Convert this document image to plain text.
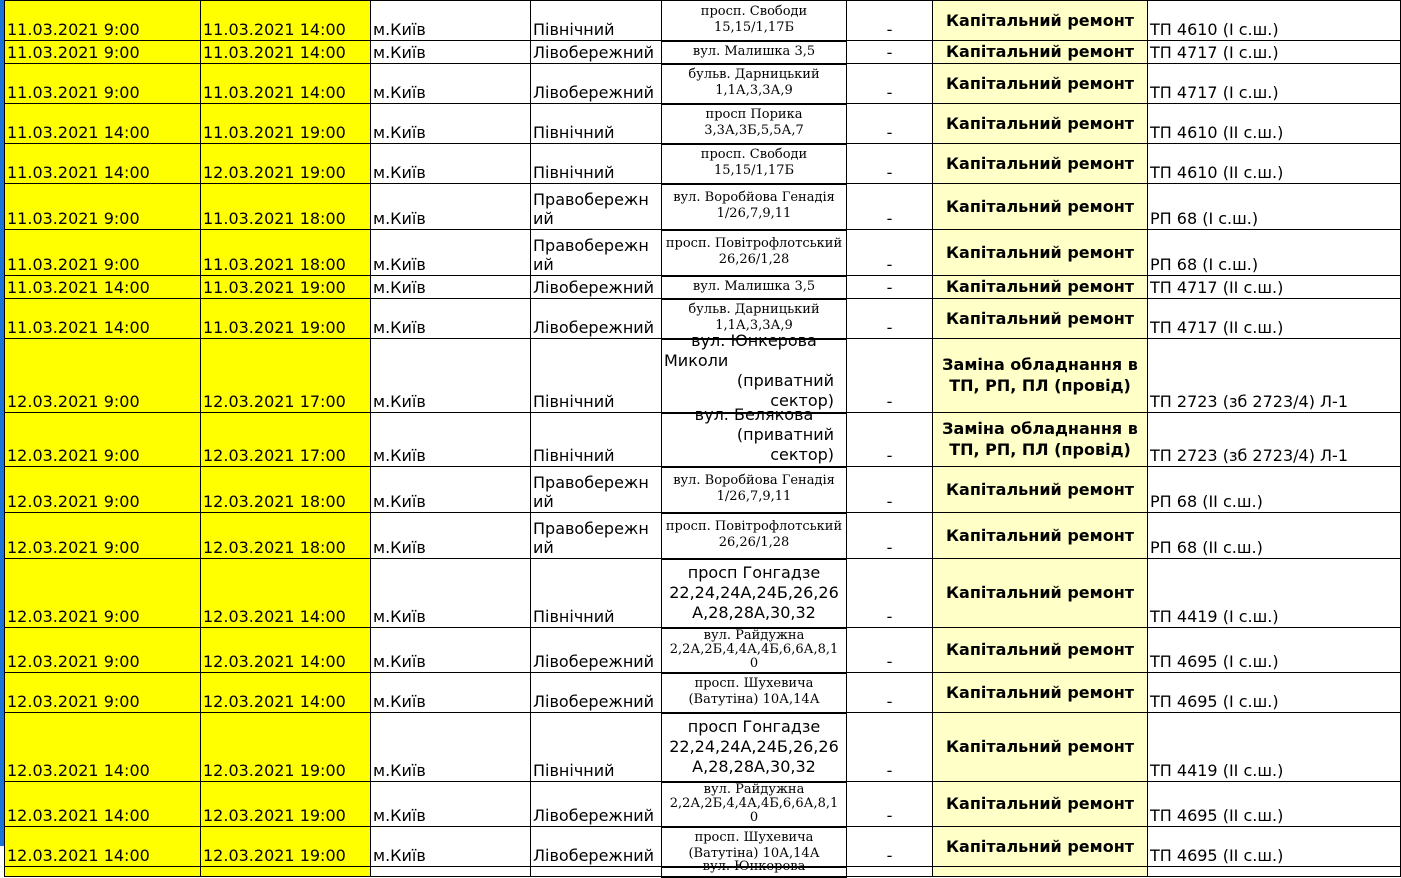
11.03.2021 9:00	11.03.2021 14:00	м.Київ	Північний	просп. Свободи
15,15/1,17Б	-	Капітальний ремонт	ТП 4610 (І с.ш.)
11.03.2021 9:00	11.03.2021 14:00	м.Київ	Лівобережний	вул. Малишка 3,5	-	Капітальний ремонт	ТП 4717 (І с.ш.)
11.03.2021 9:00	11.03.2021 14:00	м.Київ	Лівобережний	бульв. Дарницький
1,1А,3,3А,9	-	Капітальний ремонт	ТП 4717 (І с.ш.)
11.03.2021 14:00	11.03.2021 19:00	м.Київ	Північний	просп Порика
3,3А,3Б,5,5А,7	-	Капітальний ремонт	ТП 4610 (ІІ с.ш.)
11.03.2021 14:00	12.03.2021 19:00	м.Київ	Північний	просп. Свободи
15,15/1,17Б	-	Капітальний ремонт	ТП 4610 (ІІ с.ш.)
11.03.2021 9:00	11.03.2021 18:00	м.Київ	Правобережний	вул. Воробйова Генадія
1/26,7,9,11	-	Капітальний ремонт	РП 68 (І с.ш.)
11.03.2021 9:00	11.03.2021 18:00	м.Київ	Правобережний	просп. Повітрофлотський
26,26/1,28	-	Капітальний ремонт	РП 68 (І с.ш.)
11.03.2021 14:00	11.03.2021 19:00	м.Київ	Лівобережний	вул. Малишка 3,5	-	Капітальний ремонт	ТП 4717 (ІІ с.ш.)
11.03.2021 14:00	11.03.2021 19:00	м.Київ	Лівобережний	бульв. Дарницький
1,1А,3,3А,9	-	Капітальний ремонт	ТП 4717 (ІІ с.ш.)
12.03.2021 9:00	12.03.2021 17:00	м.Київ	Північний	вул. Юнкерова
Миколи
(приватний
сектор)	-	Заміна обладнання в ТП, РП, ПЛ (провід)	ТП 2723 (зб 2723/4) Л-1
12.03.2021 9:00	12.03.2021 17:00	м.Київ	Північний	вул. Белякова
(приватний
сектор)	-	Заміна обладнання в ТП, РП, ПЛ (провід)	ТП 2723 (зб 2723/4) Л-1
12.03.2021 9:00	12.03.2021 18:00	м.Київ	Правобережний	вул. Воробйова Генадія
1/26,7,9,11	-	Капітальний ремонт	РП 68 (ІІ с.ш.)
12.03.2021 9:00	12.03.2021 18:00	м.Київ	Правобережний	просп. Повітрофлотський
26,26/1,28	-	Капітальний ремонт	РП 68 (ІІ с.ш.)
12.03.2021 9:00	12.03.2021 14:00	м.Київ	Північний	просп Гонгадзе
22,24,24А,24Б,26,26
А,28,28А,30,32	-	Капітальний ремонт	ТП 4419 (І с.ш.)
12.03.2021 9:00	12.03.2021 14:00	м.Київ	Лівобережний	вул. Райдужна
2,2А,2Б,4,4А,4Б,6,6А,8,1
0	-	Капітальний ремонт	ТП 4695 (І с.ш.)
12.03.2021 9:00	12.03.2021 14:00	м.Київ	Лівобережний	просп. Шухевича
(Ватутіна) 10А,14А	-	Капітальний ремонт	ТП 4695 (І с.ш.)
12.03.2021 14:00	12.03.2021 19:00	м.Київ	Північний	просп Гонгадзе
22,24,24А,24Б,26,26
А,28,28А,30,32	-	Капітальний ремонт	ТП 4419 (ІІ с.ш.)
12.03.2021 14:00	12.03.2021 19:00	м.Київ	Лівобережний	вул. Райдужна
2,2А,2Б,4,4А,4Б,6,6А,8,1
0	-	Капітальний ремонт	ТП 4695 (ІІ с.ш.)
12.03.2021 14:00	12.03.2021 19:00	м.Київ	Лівобережний	просп. Шухевича
(Ватутіна) 10А,14А	-	Капітальний ремонт	ТП 4695 (ІІ с.ш.)

				вул. Юнкерова			
